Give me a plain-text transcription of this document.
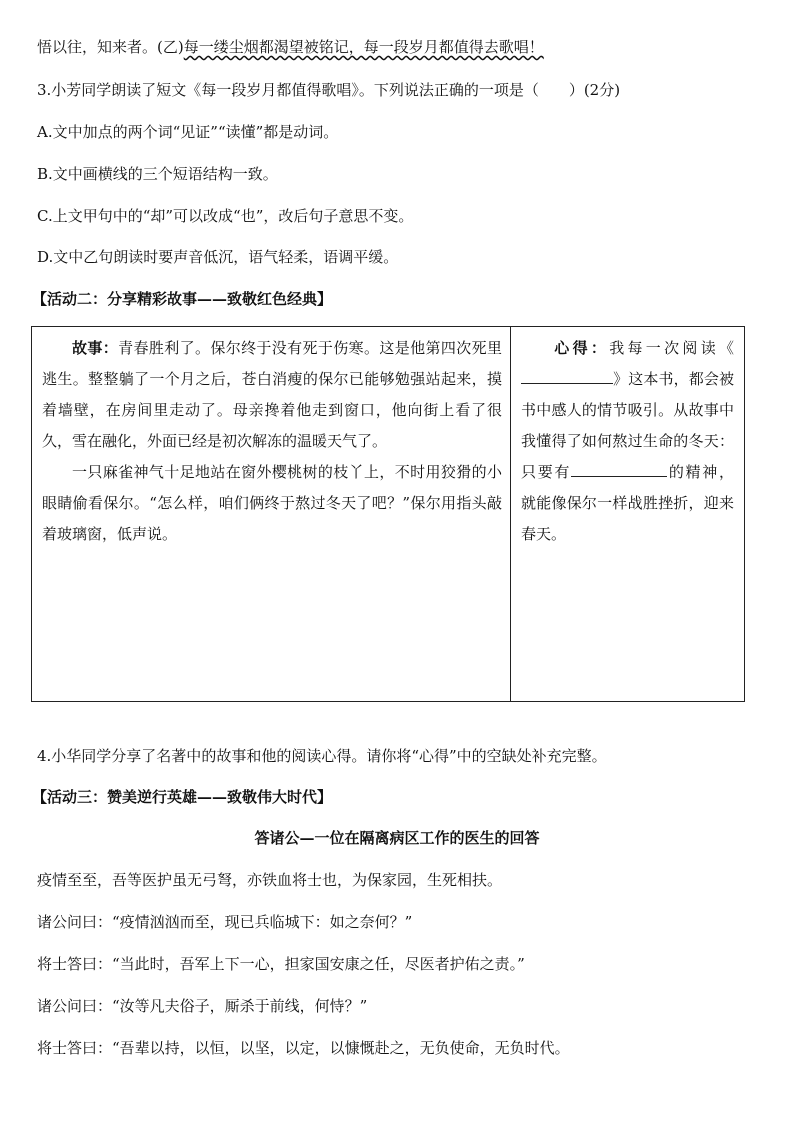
悟以往，知来者。(乙)每一缕尘烟都渴望被铭记，每一段岁月都值得去歌唱！
3.小芳同学朗读了短文《每一段岁月都值得歌唱》。下列说法正确的一项是（　　）(2分)
A.文中加点的两个词“见证”“读懂”都是动词。
B.文中画横线的三个短语结构一致。
C.上文甲句中的“却”可以改成“也”，改后句子意思不变。
D.文中乙句朗读时要声音低沉，语气轻柔，语调平缓。
【活动二：分享精彩故事——致敬红色经典】

故事：青春胜利了。保尔终于没有死于伤寒。这是他第四次死里逃生。整整躺了一个月之后，苍白消瘦的保尔已能够勉强站起来，摸着墙壁，在房间里走动了。母亲搀着他走到窗口，他向街上看了很久，雪在融化，外面已经是初次解冻的温暖天气了。

一只麻雀神气十足地站在窗外樱桃树的枝丫上，不时用狡猾的小眼睛偷看保尔。“怎么样，咱们俩终于熬过冬天了吧？”保尔用指头敲着玻璃窗，低声说。

心得：我每一次阅读《》这本书，都会被书中感人的情节吸引。从故事中我懂得了如何熬过生命的冬天：只要有	的精神，就能像保尔一样战胜挫折，迎来春天。
4.小华同学分享了名著中的故事和他的阅读心得。请你将“心得”中的空缺处补充完整。
【活动三：赞美逆行英雄——致敬伟大时代】
答诸公—一位在隔离病区工作的医生的回答
疫情至至，吾等医护虽无弓弩，亦铁血将士也，为保家园，生死相扶。
诸公问曰：“疫情汹汹而至，现已兵临城下：如之奈何？”
将士答曰：“当此时，吾军上下一心，担家国安康之任，尽医者护佑之责。”
诸公问曰：“汝等凡夫俗子，厮杀于前线，何恃？”
将士答曰：“吾辈以持，以恒，以坚，以定，以慷慨赴之，无负使命，无负时代。
